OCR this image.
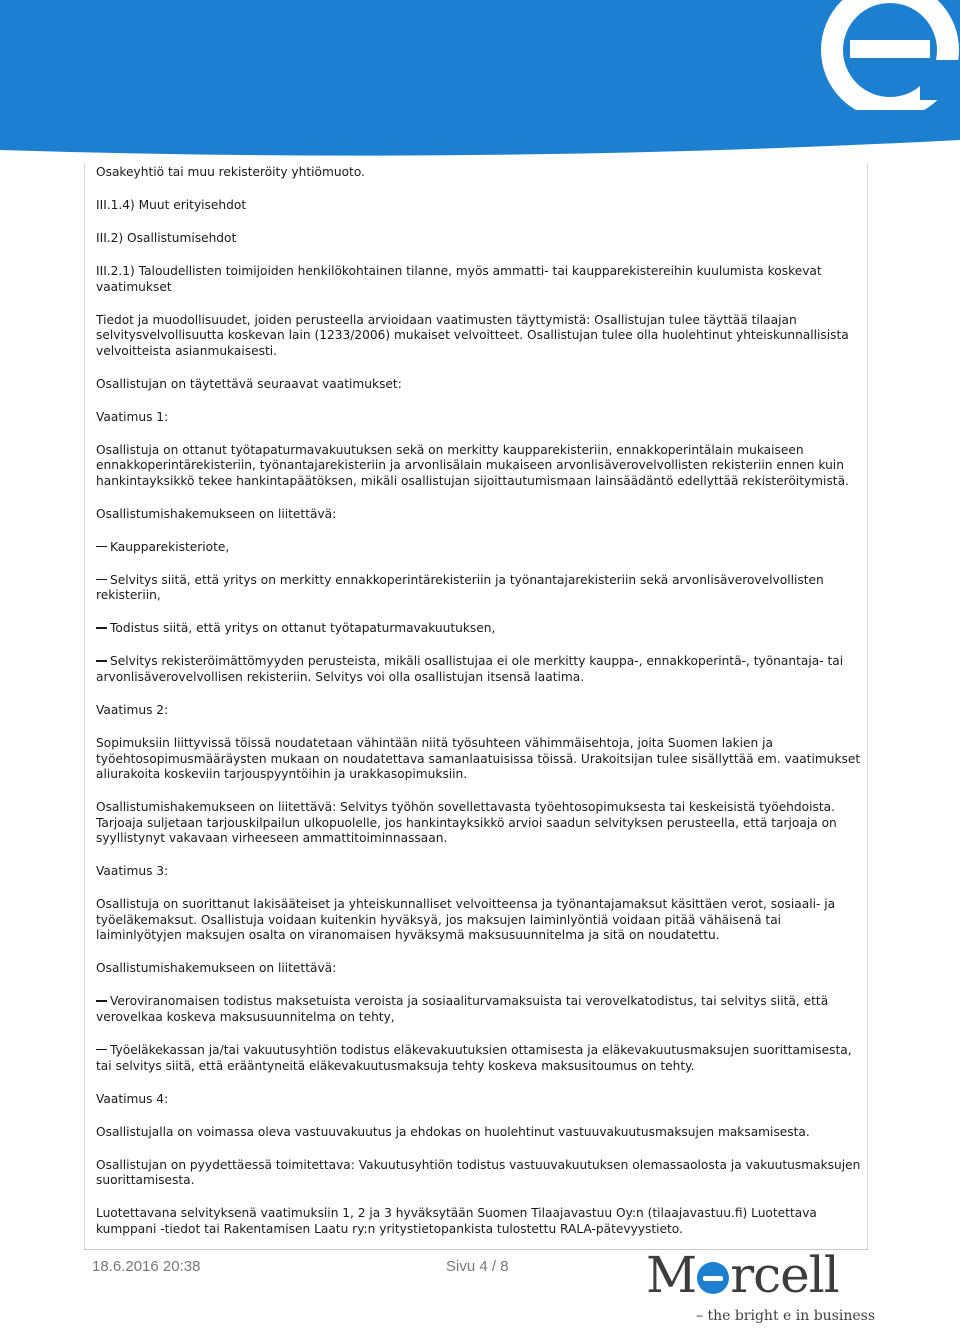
Osakeyhtiö tai muu rekisteröity yhtiömuoto.

III.1.4) Muut erityisehdot

III.2) Osallistumisehdot

III.2.1) Taloudellisten toimijoiden henkilökohtainen tilanne, myös ammatti- tai kaupparekistereihin kuulumista koskevat vaatimukset

Tiedot ja muodollisuudet, joiden perusteella arvioidaan vaatimusten täyttymistä: Osallistujan tulee täyttää tilaajan selvitysvelvollisuutta koskevan lain (1233/2006) mukaiset velvoitteet. Osallistujan tulee olla huolehtinut yhteiskunnallisista velvoitteista asianmukaisesti.

Osallistujan on täytettävä seuraavat vaatimukset:

Vaatimus 1:

Osallistuja on ottanut työtapaturmavakuutuksen sekä on merkitty kaupparekisteriin, ennakkoperintälain mukaiseen ennakkoperintärekisteriin, työnantajarekisteriin ja arvonlisälain mukaiseen arvonlisäverovelvollisten rekisteriin ennen kuin hankintayksikkö tekee hankintapäätöksen, mikäli osallistujan sijoittautumismaan lainsäädäntö edellyttää rekisteröitymistä.

Osallistumishakemukseen on liitettävä:

Kaupparekisteriote,

Selvitys siitä, että yritys on merkitty ennakkoperintärekisteriin ja työnantajarekisteriin sekä arvonlisäverovelvollisten rekisteriin,

Todistus siitä, että yritys on ottanut työtapaturmavakuutuksen,

Selvitys rekisteröimättömyyden perusteista, mikäli osallistujaa ei ole merkitty kauppa-, ennakkoperintä-, työnantaja- tai arvonlisäverovelvollisen rekisteriin. Selvitys voi olla osallistujan itsensä laatima.

Vaatimus 2:

Sopimuksiin liittyvissä töissä noudatetaan vähintään niitä työsuhteen vähimmäisehtoja, joita Suomen lakien ja työehtosopimusmääräysten mukaan on noudatettava samanlaatuisissa töissä. Urakoitsijan tulee sisällyttää em. vaatimukset aliurakoita koskeviin tarjouspyyntöihin ja urakkasopimuksiin.

Osallistumishakemukseen on liitettävä: Selvitys työhön sovellettavasta työehtosopimuksesta tai keskeisistä työehdoista. Tarjoaja suljetaan tarjouskilpailun ulkopuolelle, jos hankintayksikkö arvioi saadun selvityksen perusteella, että tarjoaja on syyllistynyt vakavaan virheeseen ammattitoiminnassaan.

Vaatimus 3:

Osallistuja on suorittanut lakisääteiset ja yhteiskunnalliset velvoitteensa ja työnantajamaksut käsittäen verot, sosiaali- ja työeläkemaksut. Osallistuja voidaan kuitenkin hyväksyä, jos maksujen laiminlyöntiä voidaan pitää vähäisenä tai laiminlyötyjen maksujen osalta on viranomaisen hyväksymä maksusuunnitelma ja sitä on noudatettu.

Osallistumishakemukseen on liitettävä:

Veroviranomaisen todistus maksetuista veroista ja sosiaaliturvamaksuista tai verovelkatodistus, tai selvitys siitä, että verovelkaa koskeva maksusuunnitelma on tehty,

Työeläkekassan ja/tai vakuutusyhtiön todistus eläkevakuutuksien ottamisesta ja eläkevakuutusmaksujen suorittamisesta, tai selvitys siitä, että erääntyneitä eläkevakuutusmaksuja tehty koskeva maksusitoumus on tehty.

Vaatimus 4:

Osallistujalla on voimassa oleva vastuuvakuutus ja ehdokas on huolehtinut vastuuvakuutusmaksujen maksamisesta.

Osallistujan on pyydettäessä toimitettava: Vakuutusyhtiön todistus vastuuvakuutuksen olemassaolosta ja vakuutusmaksujen suorittamisesta.

Luotettavana selvityksenä vaatimuksiin 1, 2 ja 3 hyväksytään Suomen Tilaajavastuu Oy:n (tilaajavastuu.fi) Luotettava kumppani -tiedot tai Rakentamisen Laatu ry:n yritystietopankista tulostettu RALA-pätevyystieto.

18.6.2016 20:38	Sivu 4 / 8	M rcell
– the bright e in business
